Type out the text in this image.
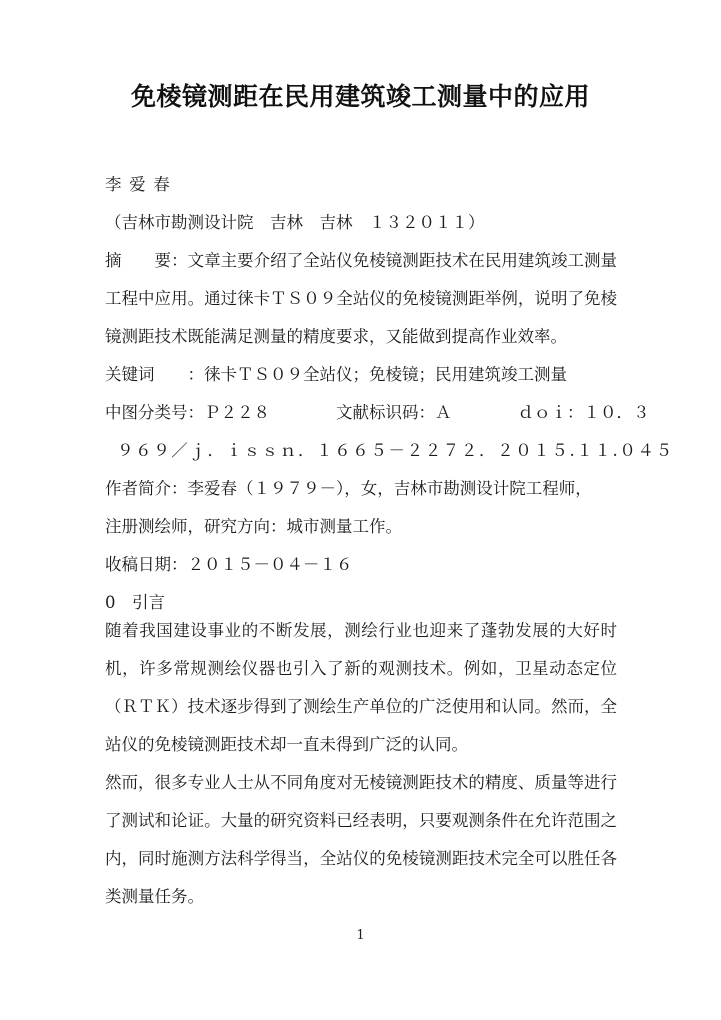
免棱镜测距在民用建筑竣工测量中的应用
李 爱 春
（吉林市勘测设计院　吉林　吉林　１３２０１１）
摘　　要：文章主要介绍了全站仪免棱镜测距技术在民用建筑竣工测量工程中应用。通过徕卡ＴＳ０９全站仪的免棱镜测距举例，说明了免棱镜测距技术既能满足测量的精度要求，又能做到提高作业效率。
关键词　　：徕卡ＴＳ０９全站仪；免棱镜；民用建筑竣工测量
中图分类号：Ｐ２２８　　　　文献标识码：Ａ　　　　ｄｏｉ：１０．３
９６９／ｊ．ｉｓｓｎ．１６６５－２２７２．２０１５.１１.０４５
作者简介：李爱春（１９７９－），女，吉林市勘测设计院工程师，
注册测绘师，研究方向：城市测量工作。
收稿日期：２０１５－０４－１６
0　引言

随着我国建设事业的不断发展，测绘行业也迎来了蓬勃发展的大好时机，许多常规测绘仪器也引入了新的观测技术。例如，卫星动态定位（ＲＴＫ）技术逐步得到了测绘生产单位的广泛使用和认同。然而，全站仪的免棱镜测距技术却一直未得到广泛的认同。

然而，很多专业人士从不同角度对无棱镜测距技术的精度、质量等进行了测试和论证。大量的研究资料已经表明，只要观测条件在允许范围之内，同时施测方法科学得当，全站仪的免棱镜测距技术完全可以胜任各类测量任务。

1
